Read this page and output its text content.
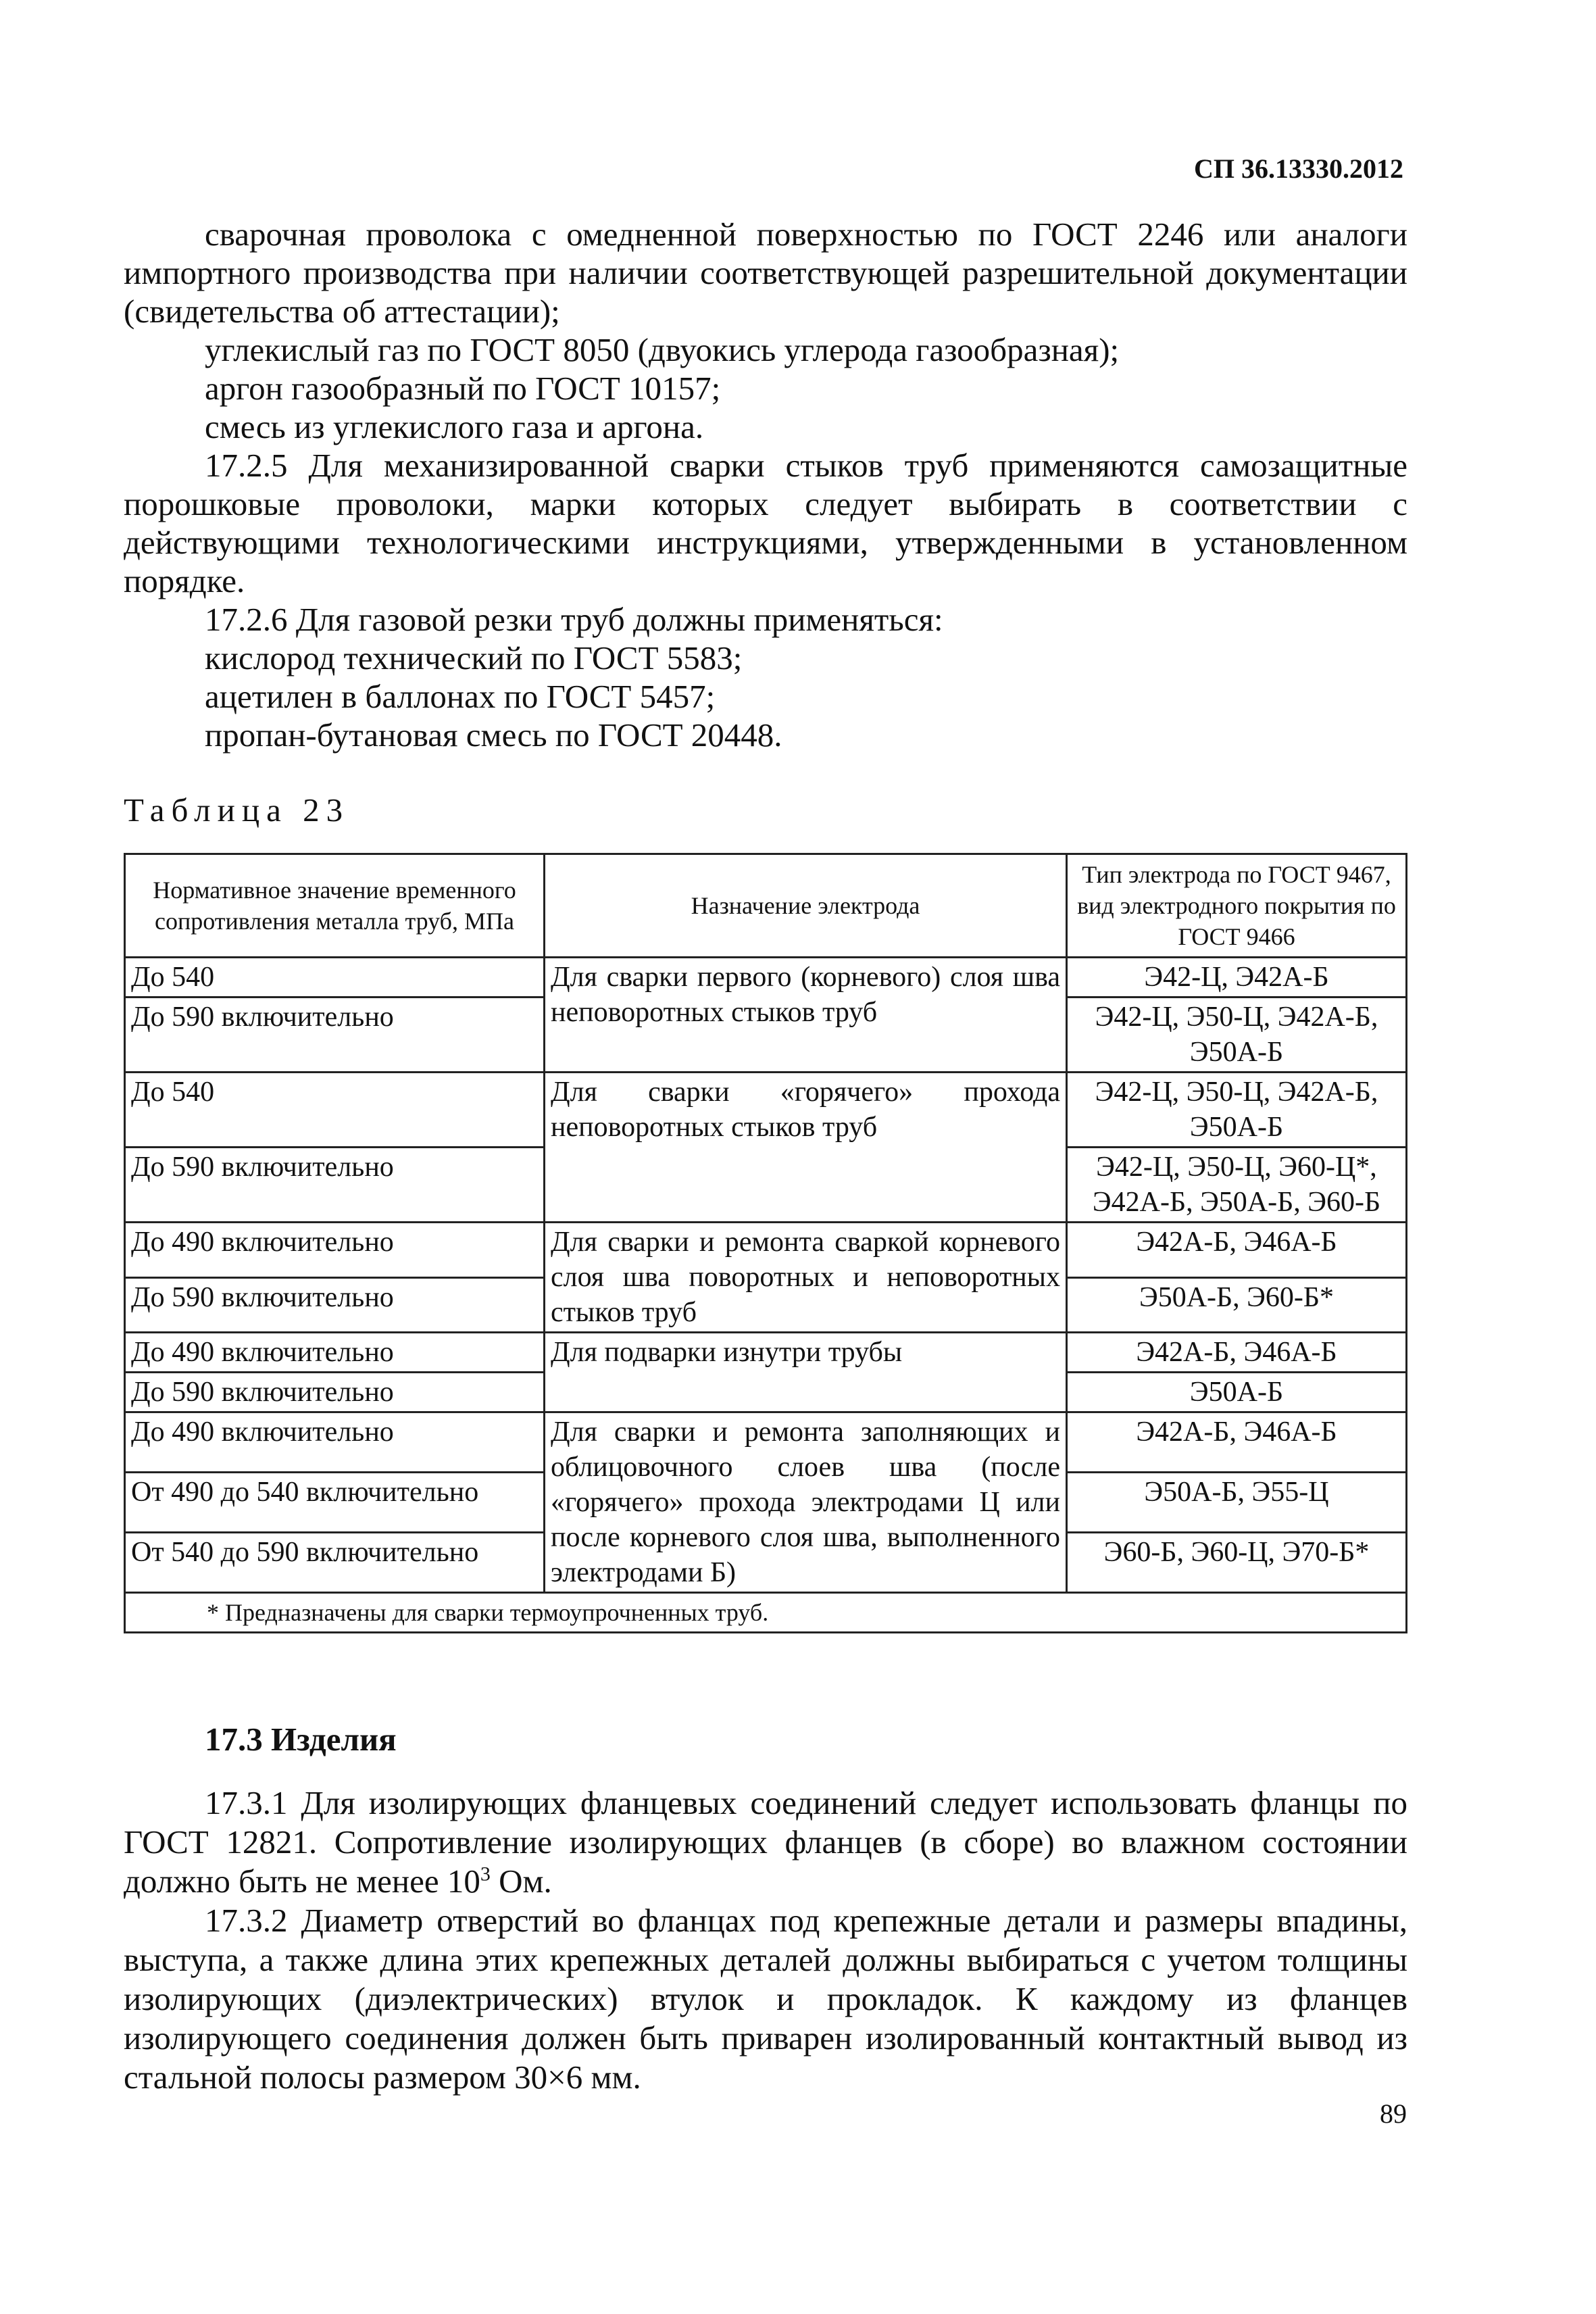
СП 36.13330.2012

сварочная проволока с омедненной поверхностью по ГОСТ 2246 или аналоги импортного производства при наличии соответствующей разрешительной документации (свидетельства об аттестации);

углекислый газ по ГОСТ 8050 (двуокись углерода газообразная);

аргон газообразный по ГОСТ 10157;

смесь из углекислого газа и аргона.

17.2.5 Для механизированной сварки стыков труб применяются самозащитные порошковые проволоки, марки которых следует выбирать в соответствии с действующими технологическими инструкциями, утвержденными в установленном порядке.

17.2.6 Для газовой резки труб должны применяться:

кислород технический по ГОСТ 5583;

ацетилен в баллонах по ГОСТ 5457;

пропан-бутановая смесь по ГОСТ 20448.

Таблица 23
Нормативное значение временного сопротивления металла труб, МПа	Назначение электрода	Тип электрода по ГОСТ 9467, вид электродного покрытия по ГОСТ 9466
До 540	Для сварки первого (корневого) слоя шва неповоротных стыков труб	Э42-Ц, Э42А-Б
До 590 включительно		Э42-Ц, Э50-Ц, Э42А-Б, Э50А-Б
До 540	Для сварки «горячего» прохода неповоротных стыков труб	Э42-Ц, Э50-Ц, Э42А-Б, Э50А-Б
До 590 включительно		Э42-Ц, Э50-Ц, Э60-Ц*, Э42А-Б, Э50А-Б, Э60-Б
До 490 включительно	Для сварки и ремонта сваркой корневого слоя шва поворотных и неповоротных стыков труб	Э42А-Б, Э46А-Б
До 590 включительно		Э50А-Б, Э60-Б*
До 490 включительно	Для подварки изнутри трубы	Э42А-Б, Э46А-Б
До 590 включительно		Э50А-Б
До 490 включительно	Для сварки и ремонта заполняющих и облицовочного слоев шва (после «горячего» прохода электродами Ц или после корневого слоя шва, выполненного электродами Б)	Э42А-Б, Э46А-Б
От 490 до 540 включительно		Э50А-Б, Э55-Ц
От 540 до 590 включительно		Э60-Б, Э60-Ц, Э70-Б*
* Предназначены для сварки термоупрочненных труб.		
17.3 Изделия

17.3.1 Для изолирующих фланцевых соединений следует использовать фланцы по ГОСТ 12821. Сопротивление изолирующих фланцев (в сборе) во влажном состоянии должно быть не менее $10^3$ Ом.

17.3.2 Диаметр отверстий во фланцах под крепежные детали и размеры впадины, выступа, а также длина этих крепежных деталей должны выбираться с учетом толщины изолирующих (диэлектрических) втулок и прокладок. К каждому из фланцев изолирующего соединения должен быть приварен изолированный контактный вывод из стальной полосы размером 30×6 мм.

89
